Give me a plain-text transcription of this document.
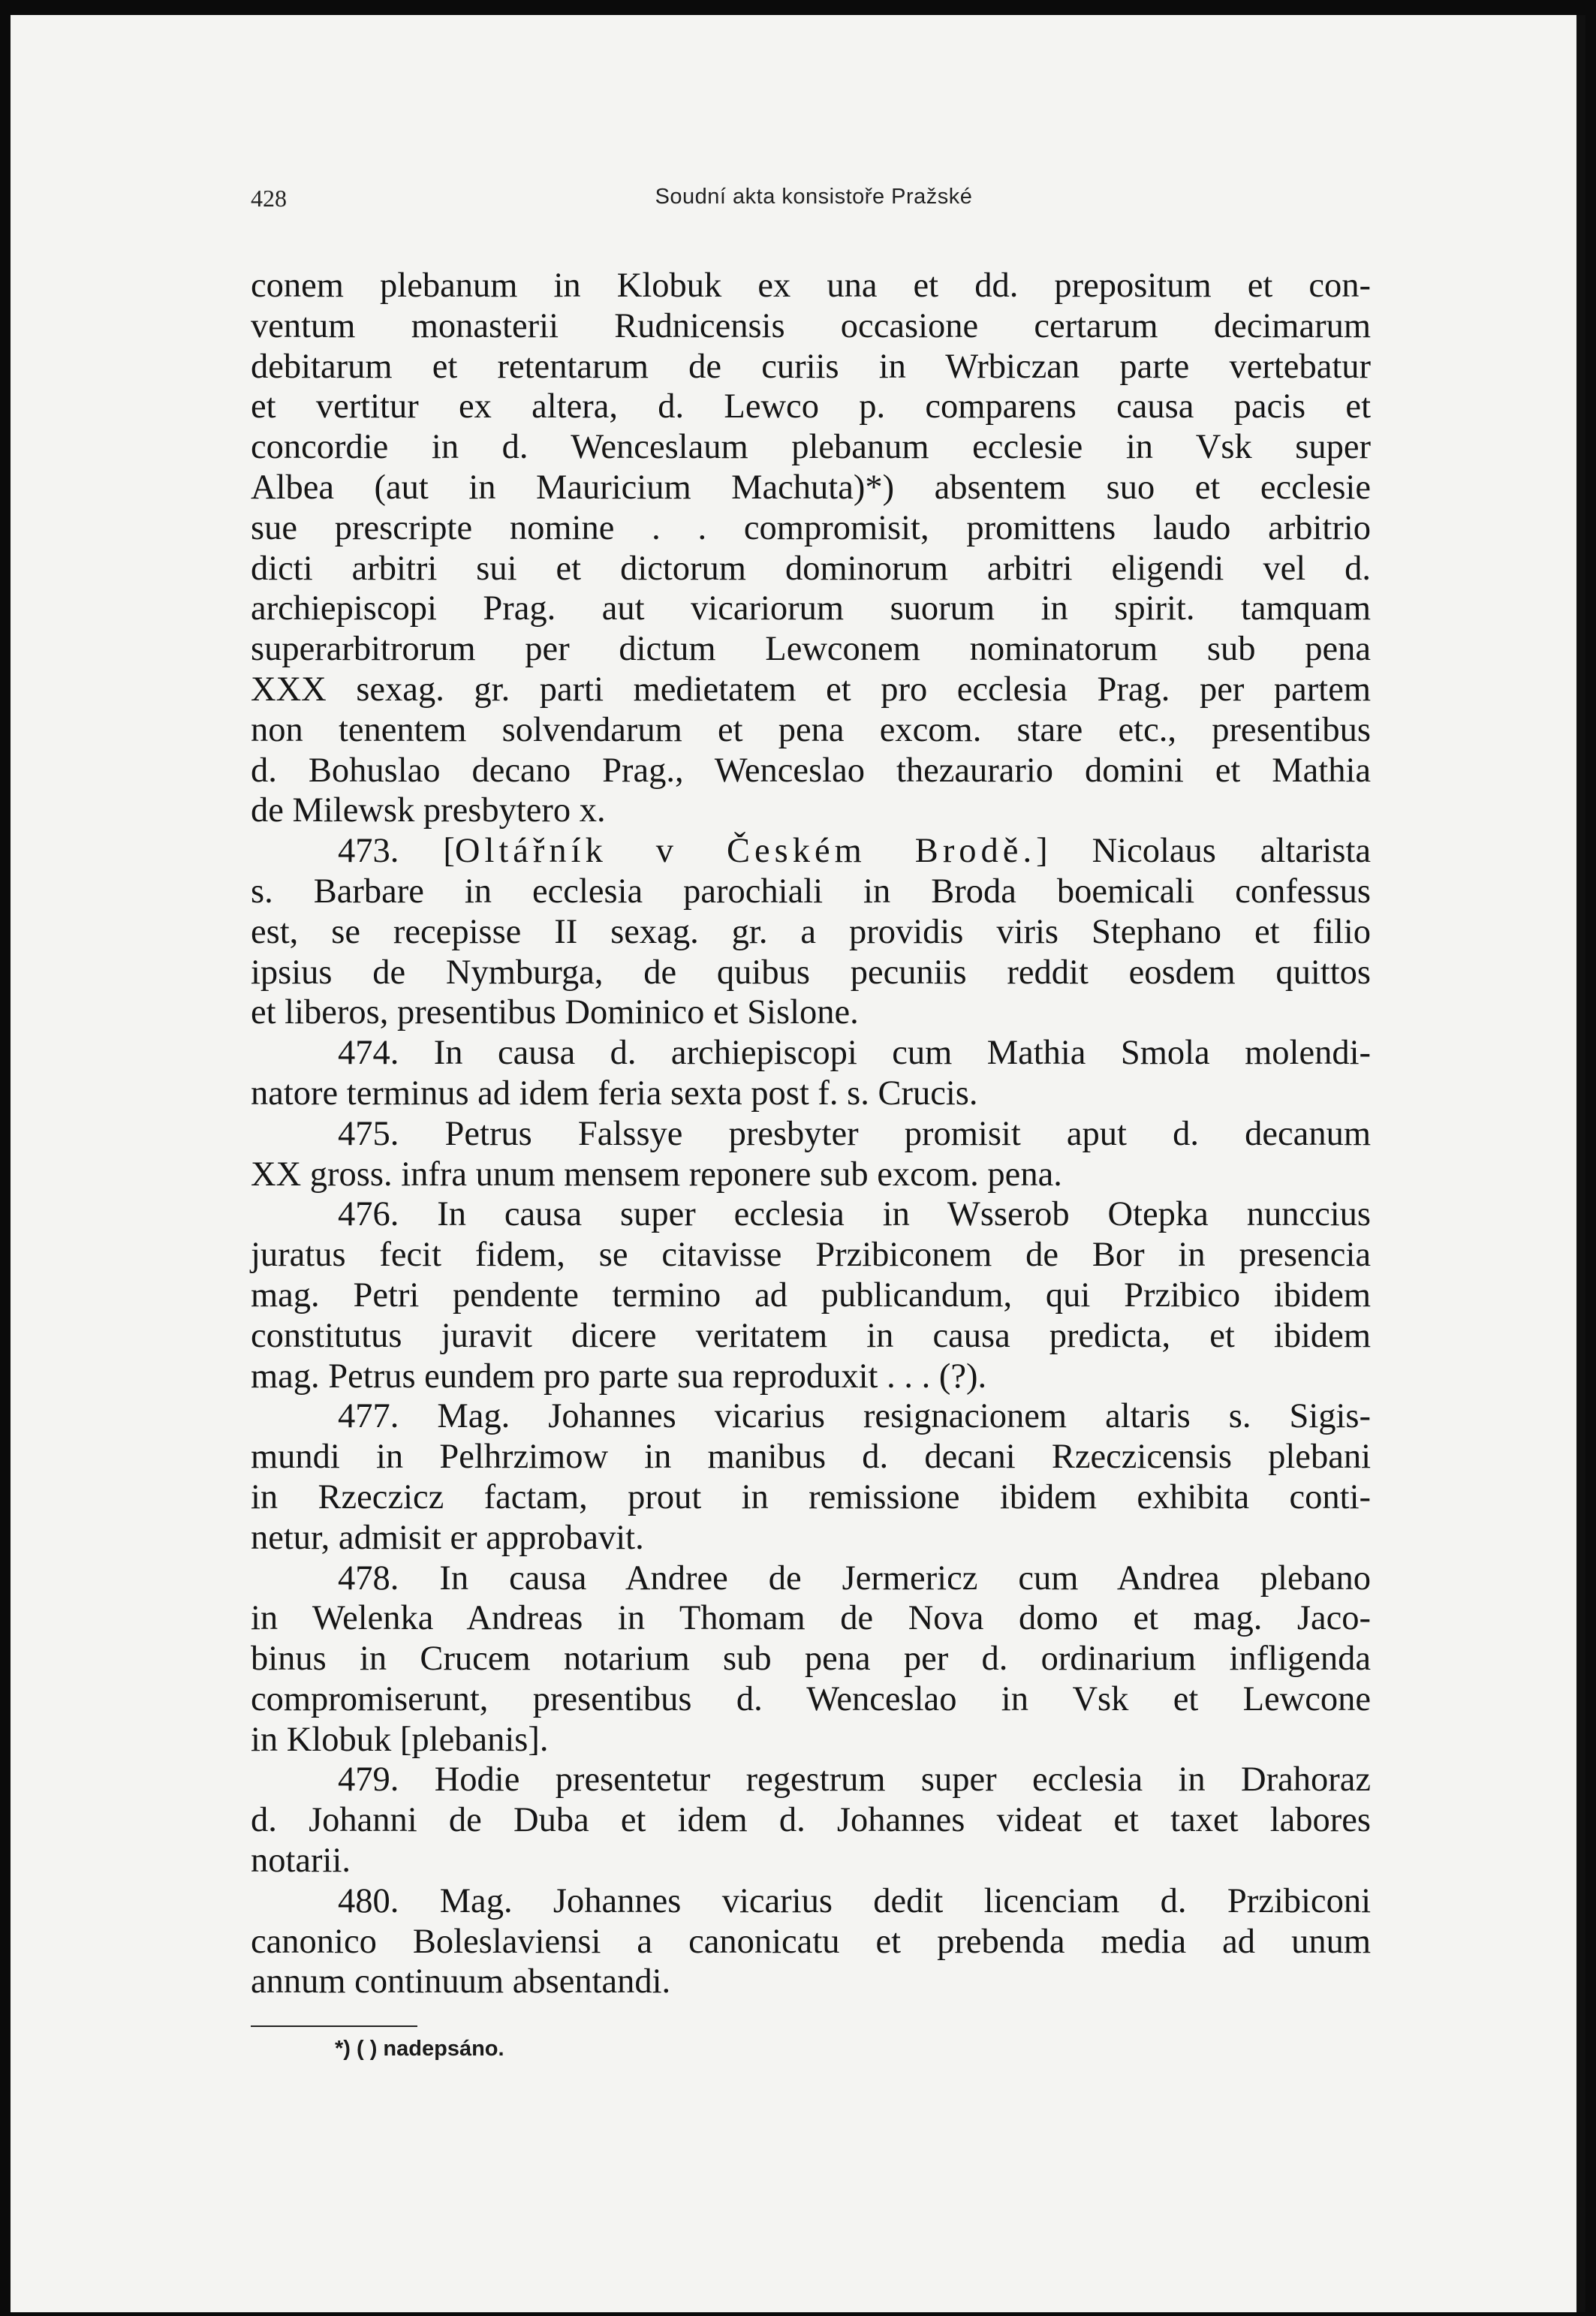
428	Soudní akta konsistoře Pražské
conem plebanum in Klobuk ex una et dd. prepositum et con-
ventum monasterii Rudnicensis occasione certarum decimarum
debitarum et retentarum de curiis in Wrbiczan parte vertebatur
et vertitur ex altera, d. Lewco p. comparens causa pacis et
concordie in d. Wenceslaum plebanum ecclesie in Vsk super
Albea (aut in Mauricium Machuta)*) absentem suo et ecclesie
sue prescripte nomine . . compromisit, promittens laudo arbitrio
dicti arbitri sui et dictorum dominorum arbitri eligendi vel d.
archiepiscopi Prag. aut vicariorum suorum in spirit. tamquam
superarbitrorum per dictum Lewconem nominatorum sub pena
XXX sexag. gr. parti medietatem et pro ecclesia Prag. per partem
non tenentem solvendarum et pena excom. stare etc., presentibus
d. Bohuslao decano Prag., Wenceslao thezaurario domini et Mathia
de Milewsk presbytero x.
473. [Oltářník v Českém Brodě.] Nicolaus altarista
s. Barbare in ecclesia parochiali in Broda boemicali confessus
est, se recepisse II sexag. gr. a providis viris Stephano et filio
ipsius de Nymburga, de quibus pecuniis reddit eosdem quittos
et liberos, presentibus Dominico et Sislone.
474. In causa d. archiepiscopi cum Mathia Smola molendi-
natore terminus ad idem feria sexta post f. s. Crucis.
475. Petrus Falssye presbyter promisit aput d. decanum
XX gross. infra unum mensem reponere sub excom. pena.
476. In causa super ecclesia in Wsserob Otepka nunccius
juratus fecit fidem, se citavisse Przibiconem de Bor in presencia
mag. Petri pendente termino ad publicandum, qui Przibico ibidem
constitutus juravit dicere veritatem in causa predicta, et ibidem
mag. Petrus eundem pro parte sua reproduxit . . . (?).
477. Mag. Johannes vicarius resignacionem altaris s. Sigis-
mundi in Pelhrzimow in manibus d. decani Rzeczicensis plebani
in Rzeczicz factam, prout in remissione ibidem exhibita conti-
netur, admisit er approbavit.
478. In causa Andree de Jermericz cum Andrea plebano
in Welenka Andreas in Thomam de Nova domo et mag. Jaco-
binus in Crucem notarium sub pena per d. ordinarium infligenda
compromiserunt, presentibus d. Wenceslao in Vsk et Lewcone
in Klobuk [plebanis].
479. Hodie presentetur regestrum super ecclesia in Drahoraz
d. Johanni de Duba et idem d. Johannes videat et taxet labores
notarii.
480. Mag. Johannes vicarius dedit licenciam d. Przibiconi
canonico Boleslaviensi a canonicatu et prebenda media ad unum
annum continuum absentandi.
*) ( ) nadepsáno.
